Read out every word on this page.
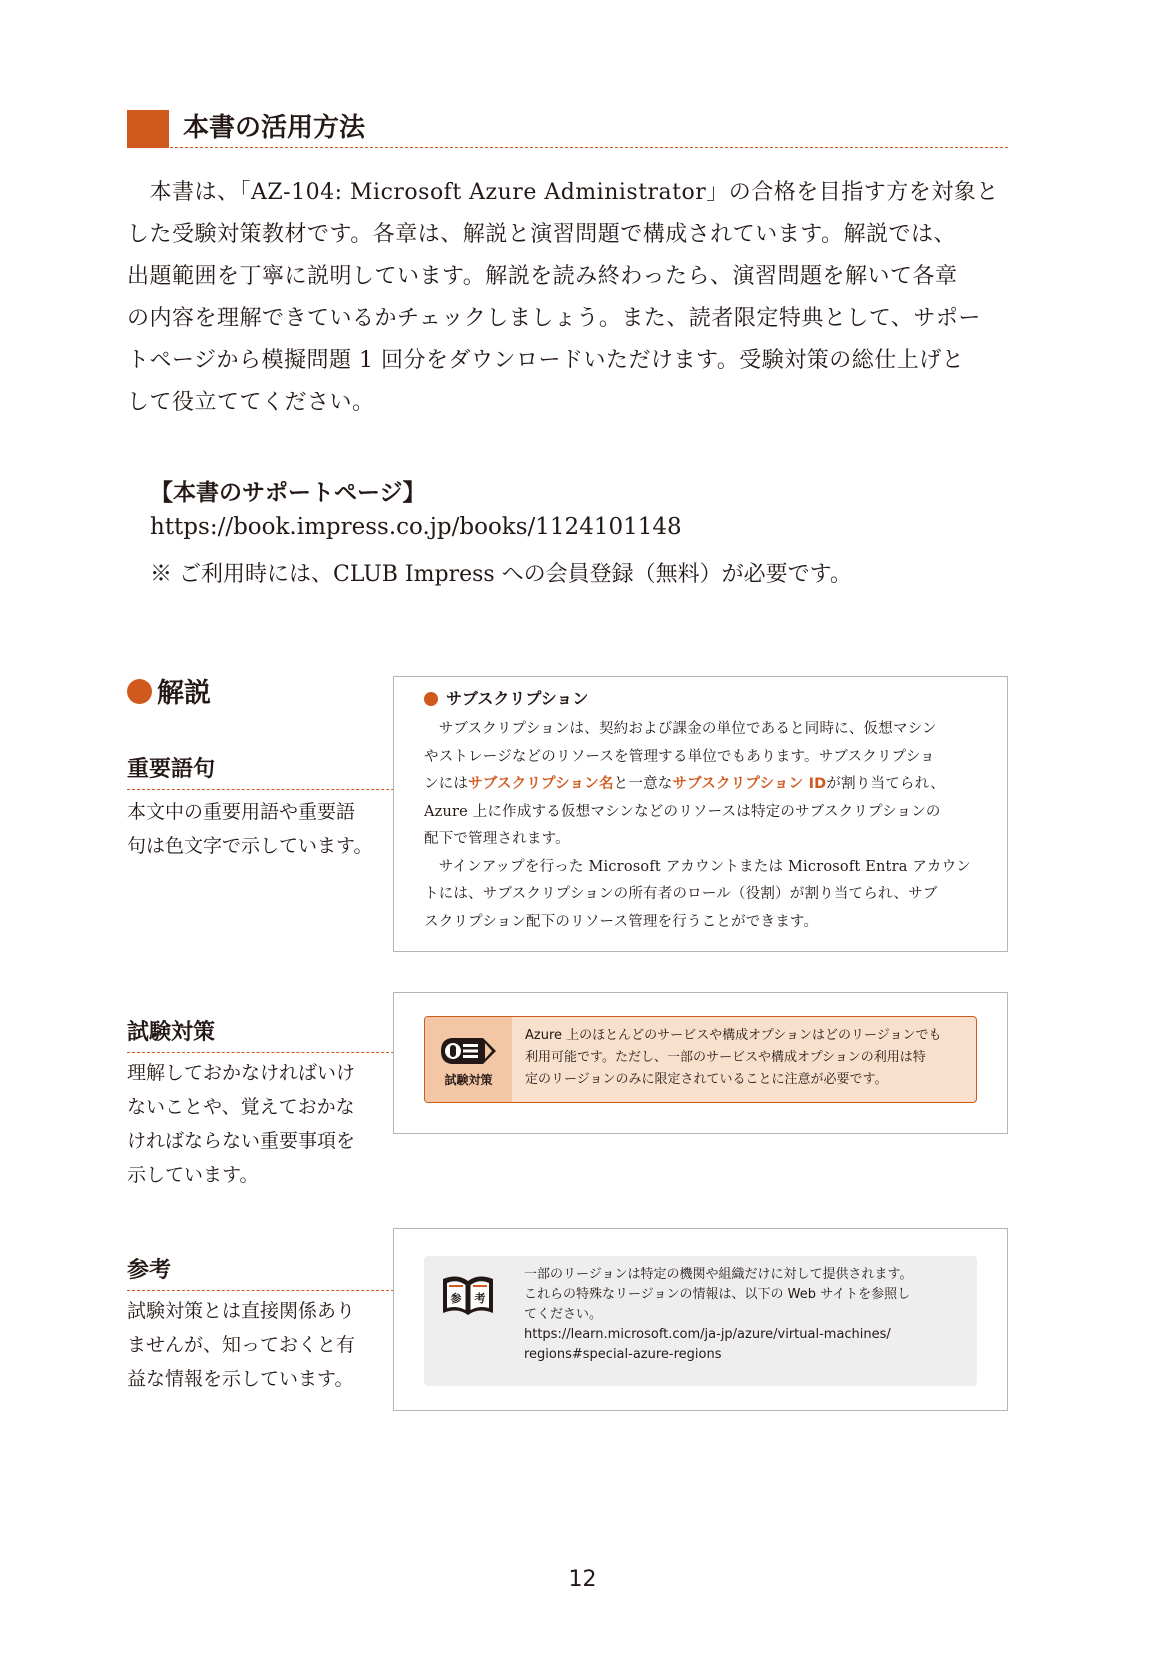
本書の活用方法

　本書は、「AZ-104: Microsoft Azure Administrator」の合格を目指す方を対象と

した受験対策教材です。各章は、解説と演習問題で構成されています。解説では、

出題範囲を丁寧に説明しています。解説を読み終わったら、演習問題を解いて各章

の内容を理解できているかチェックしましょう。また、読者限定特典として、サポー

トページから模擬問題 1 回分をダウンロードいただけます。受験対策の総仕上げと

して役立ててください。

【本書のサポートページ】
https://book.impress.co.jp/books/1124101148
※ ご利用時には、CLUB Impress への会員登録（無料）が必要です。
解説
重要語句

本文中の重要用語や重要語

句は色文字で示しています。

試験対策

理解しておかなければいけ

ないことや、覚えておかな

ければならない重要事項を

示しています。

参考

試験対策とは直接関係あり

ませんが、知っておくと有

益な情報を示しています。

サブスクリプション

　サブスクリプションは、契約および課金の単位であると同時に、仮想マシン

やストレージなどのリソースを管理する単位でもあります。サブスクリプショ

ンにはサブスクリプション名と一意なサブスクリプション IDが割り当てられ、

Azure 上に作成する仮想マシンなどのリソースは特定のサブスクリプションの

配下で管理されます。

　サインアップを行った Microsoft アカウントまたは Microsoft Entra アカウン

トには、サブスクリプションの所有者のロール（役割）が割り当てられ、サブ

スクリプション配下のリソース管理を行うことができます。

試験対策

Azure 上のほとんどのサービスや構成オプションはどのリージョンでも

利用可能です。ただし、一部のサービスや構成オプションの利用は特

定のリージョンのみに限定されていることに注意が必要です。

参 考

一部のリージョンは特定の機関や組織だけに対して提供されます。

これらの特殊なリージョンの情報は、以下の Web サイトを参照し

てください。

https://learn.microsoft.com/ja-jp/azure/virtual-machines/

regions#special-azure-regions

12
